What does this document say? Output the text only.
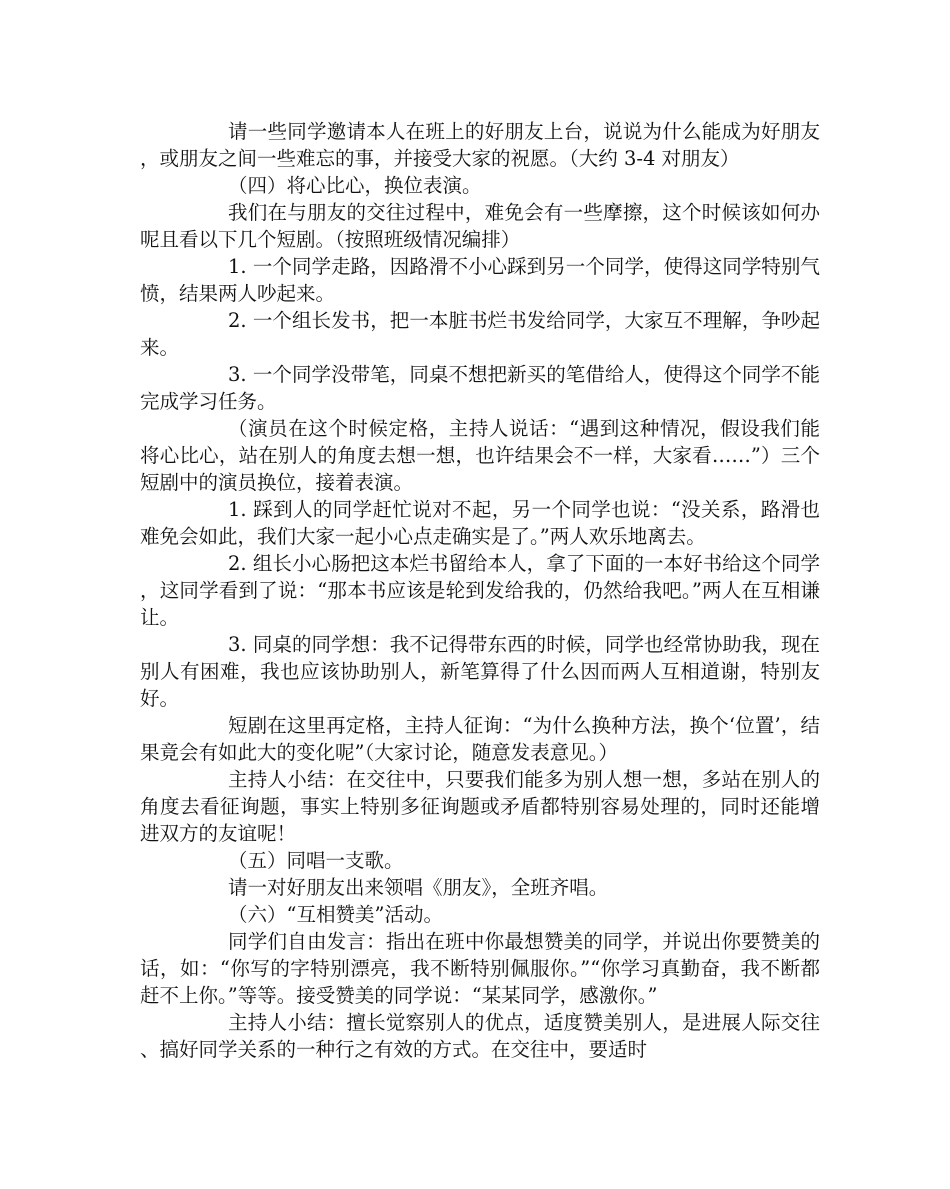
请一些同学邀请本人在班上的好朋友上台，说说为什么能成为好朋友，或朋友之间一些难忘的事，并接受大家的祝愿。（大约 3-4 对朋友）

（四）将心比心，换位表演。

我们在与朋友的交往过程中，难免会有一些摩擦，这个时候该如何办呢且看以下几个短剧。（按照班级情况编排）

1. 一个同学走路，因路滑不小心踩到另一个同学，使得这同学特别气愤，结果两人吵起来。

2. 一个组长发书，把一本脏书烂书发给同学，大家互不理解，争吵起来。

3. 一个同学没带笔，同桌不想把新买的笔借给人，使得这个同学不能完成学习任务。

（演员在这个时候定格，主持人说话：“遇到这种情况，假设我们能将心比心，站在别人的角度去想一想，也许结果会不一样，大家看……”）三个短剧中的演员换位，接着表演。

1. 踩到人的同学赶忙说对不起，另一个同学也说：“没关系，路滑也难免会如此，我们大家一起小心点走确实是了。”两人欢乐地离去。

2. 组长小心肠把这本烂书留给本人，拿了下面的一本好书给这个同学，这同学看到了说：“那本书应该是轮到发给我的，仍然给我吧。”两人在互相谦让。

3. 同桌的同学想：我不记得带东西的时候，同学也经常协助我，现在别人有困难，我也应该协助别人，新笔算得了什么因而两人互相道谢，特别友好。

短剧在这里再定格，主持人征询：“为什么换种方法，换个‘位置’，结果竟会有如此大的变化呢”（大家讨论，随意发表意见。）

主持人小结：在交往中，只要我们能多为别人想一想，多站在别人的角度去看征询题，事实上特别多征询题或矛盾都特别容易处理的，同时还能增进双方的友谊呢！

（五）同唱一支歌。

请一对好朋友出来领唱《朋友》，全班齐唱。

（六）“互相赞美”活动。

同学们自由发言：指出在班中你最想赞美的同学，并说出你要赞美的话，如：“你写的字特别漂亮，我不断特别佩服你。”“你学习真勤奋，我不断都赶不上你。”等等。接受赞美的同学说：“某某同学，感激你。”

主持人小结：擅长觉察别人的优点，适度赞美别人，是进展人际交往、搞好同学关系的一种行之有效的方式。在交往中，要适时
